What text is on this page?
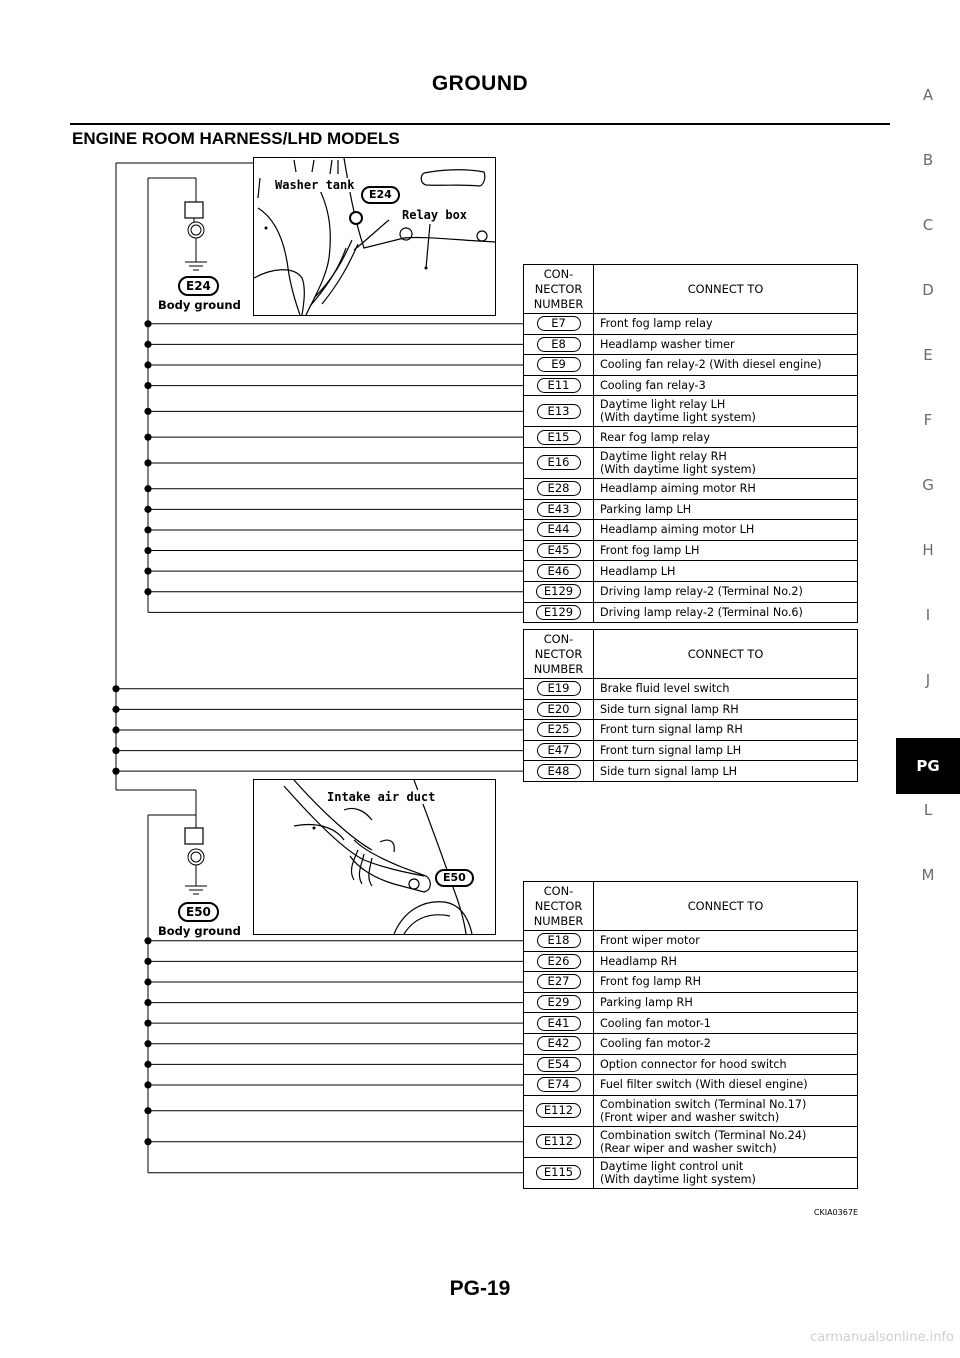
GROUND
ENGINE ROOM HARNESS/LHD MODELS
A
B
C
D
E
F
G
H
I
J
PG
L
M
E24
Body ground
E50
Body ground
Washer tank
E24
Relay box
Intake air duct
E50
CON-
NECTOR
NUMBER	CONNECT TO
E7	Front fog lamp relay

E8	Headlamp washer timer

E9	Cooling fan relay-2 (With diesel engine)

E11	Cooling fan relay-3

E13	Daytime light relay LH
(With daytime light system)

E15	Rear fog lamp relay

E16	Daytime light relay RH
(With daytime light system)

E28	Headlamp aiming motor RH

E43	Parking lamp LH

E44	Headlamp aiming motor LH

E45	Front fog lamp LH

E46	Headlamp LH

E129	Driving lamp relay-2 (Terminal No.2)

E129	Driving lamp relay-2 (Terminal No.6)
CON-
NECTOR
NUMBER	CONNECT TO
E19	Brake fluid level switch

E20	Side turn signal lamp RH

E25	Front turn signal lamp RH

E47	Front turn signal lamp LH

E48	Side turn signal lamp LH
CON-
NECTOR
NUMBER	CONNECT TO
E18	Front wiper motor

E26	Headlamp RH

E27	Front fog lamp RH

E29	Parking lamp RH

E41	Cooling fan motor-1

E42	Cooling fan motor-2

E54	Option connector for hood switch

E74	Fuel filter switch (With diesel engine)

E112	Combination switch (Terminal No.17)
(Front wiper and washer switch)

E112	Combination switch (Terminal No.24)
(Rear wiper and washer switch)

E115	Daytime light control unit
(With daytime light system)
CKIA0367E
PG-19
carmanualsonline.info
